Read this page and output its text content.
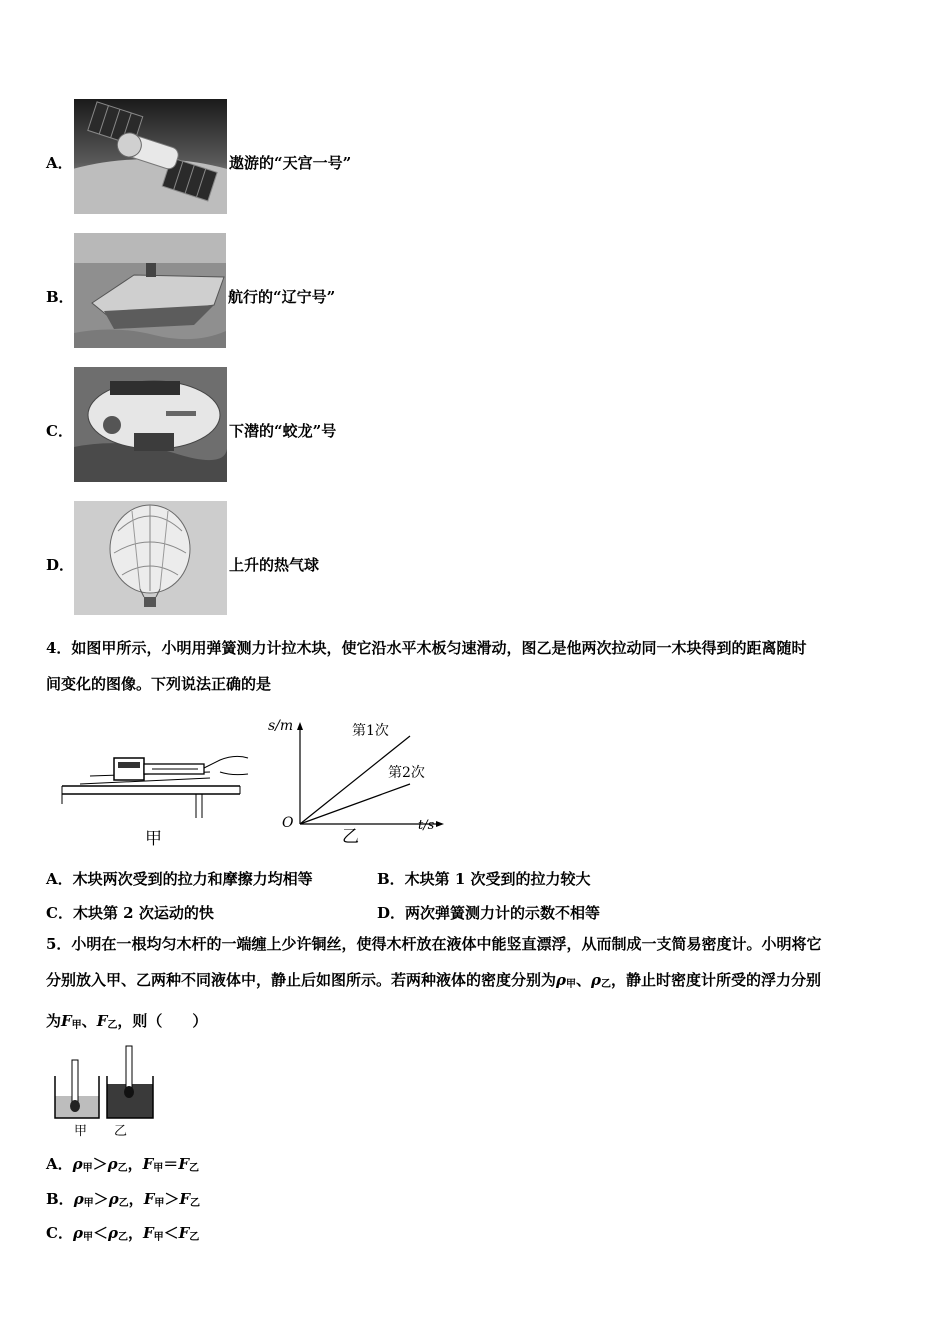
A．	遨游的“天宫一号”
B．	航行的“辽宁号”
C．	下潜的“蛟龙”号
D．	上升的热气球
4．如图甲所示，小明用弹簧测力计拉木块，使它沿水平木板匀速滑动，图乙是他两次拉动同一木块得到的距离随时
间变化的图像。下列说法正确的是
甲
s/m
O	t/s
第1次
第2次
乙
A．木块两次受到的拉力和摩擦力均相等	B．木块第 1 次受到的拉力较大
C．木块第 2 次运动的快	D．两次弹簧测力计的示数不相等
5．小明在一根均匀木杆的一端缠上少许铜丝，使得木杆放在液体中能竖直漂浮，从而制成一支简易密度计。小明将它
分别放入甲、乙两种不同液体中，静止后如图所示。若两种液体的密度分别为$\rho_甲$、$\rho_乙$，静止时密度计所受的浮力分别
为$F_甲$、$F_乙$，则（　　）
甲 乙
A．$\rho_甲>\rho_乙$，$F_甲=F_乙$
B．$\rho_甲>\rho_乙$，$F_甲>F_乙$
C．$\rho_甲<\rho_乙$，$F_甲<F_乙$
